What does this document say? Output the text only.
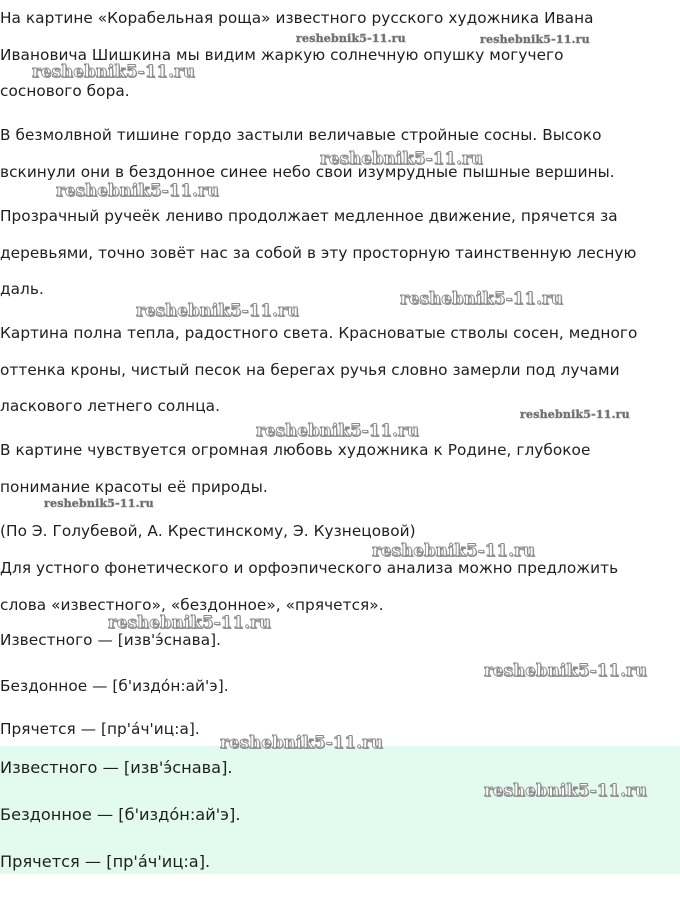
На картине «Корабельная роща» известного русского художника Ивана

Ивановича Шишкина мы видим жаркую солнечную опушку могучего

соснового бора.

В безмолвной тишине гордо застыли величавые стройные сосны. Высоко

вскинули они в бездонное синее небо свои изумрудные пышные вершины.

Прозрачный ручеёк лениво продолжает медленное движение, прячется за

деревьями, точно зовёт нас за собой в эту просторную таинственную лесную

даль.

Картина полна тепла, радостного света. Красноватые стволы сосен, медного

оттенка кроны, чистый песок на берегах ручья словно замерли под лучами

ласкового летнего солнца.

В картине чувствуется огромная любовь художника к Родине, глубокое

понимание красоты её природы.

(По Э. Голубевой, А. Крестинскому, Э. Кузнецовой)

Для устного фонетического и орфоэпического анализа можно предложить

слова «известного», «бездонное», «прячется».

Известного — [изв'э́снава].

Бездонное — [б'издóн:ай'э].

Прячется — [пр'а́ч'иц:а].

Известного — [изв'э́снава].

Бездонное — [б'издóн:ай'э].

Прячется — [пр'а́ч'иц:а].

reshebnik5-11.ru	reshebnik5-11.ru
reshebnik5-11.ru
reshebnik5-11.ru
reshebnik5-11.ru
reshebnik5-11.ru
reshebnik5-11.ru
reshebnik5-11.ru
reshebnik5-11.ru
reshebnik5-11.ru
reshebnik5-11.ru
reshebnik5-11.ru
reshebnik5-11.ru
reshebnik5-11.ru
reshebnik5-11.ru
